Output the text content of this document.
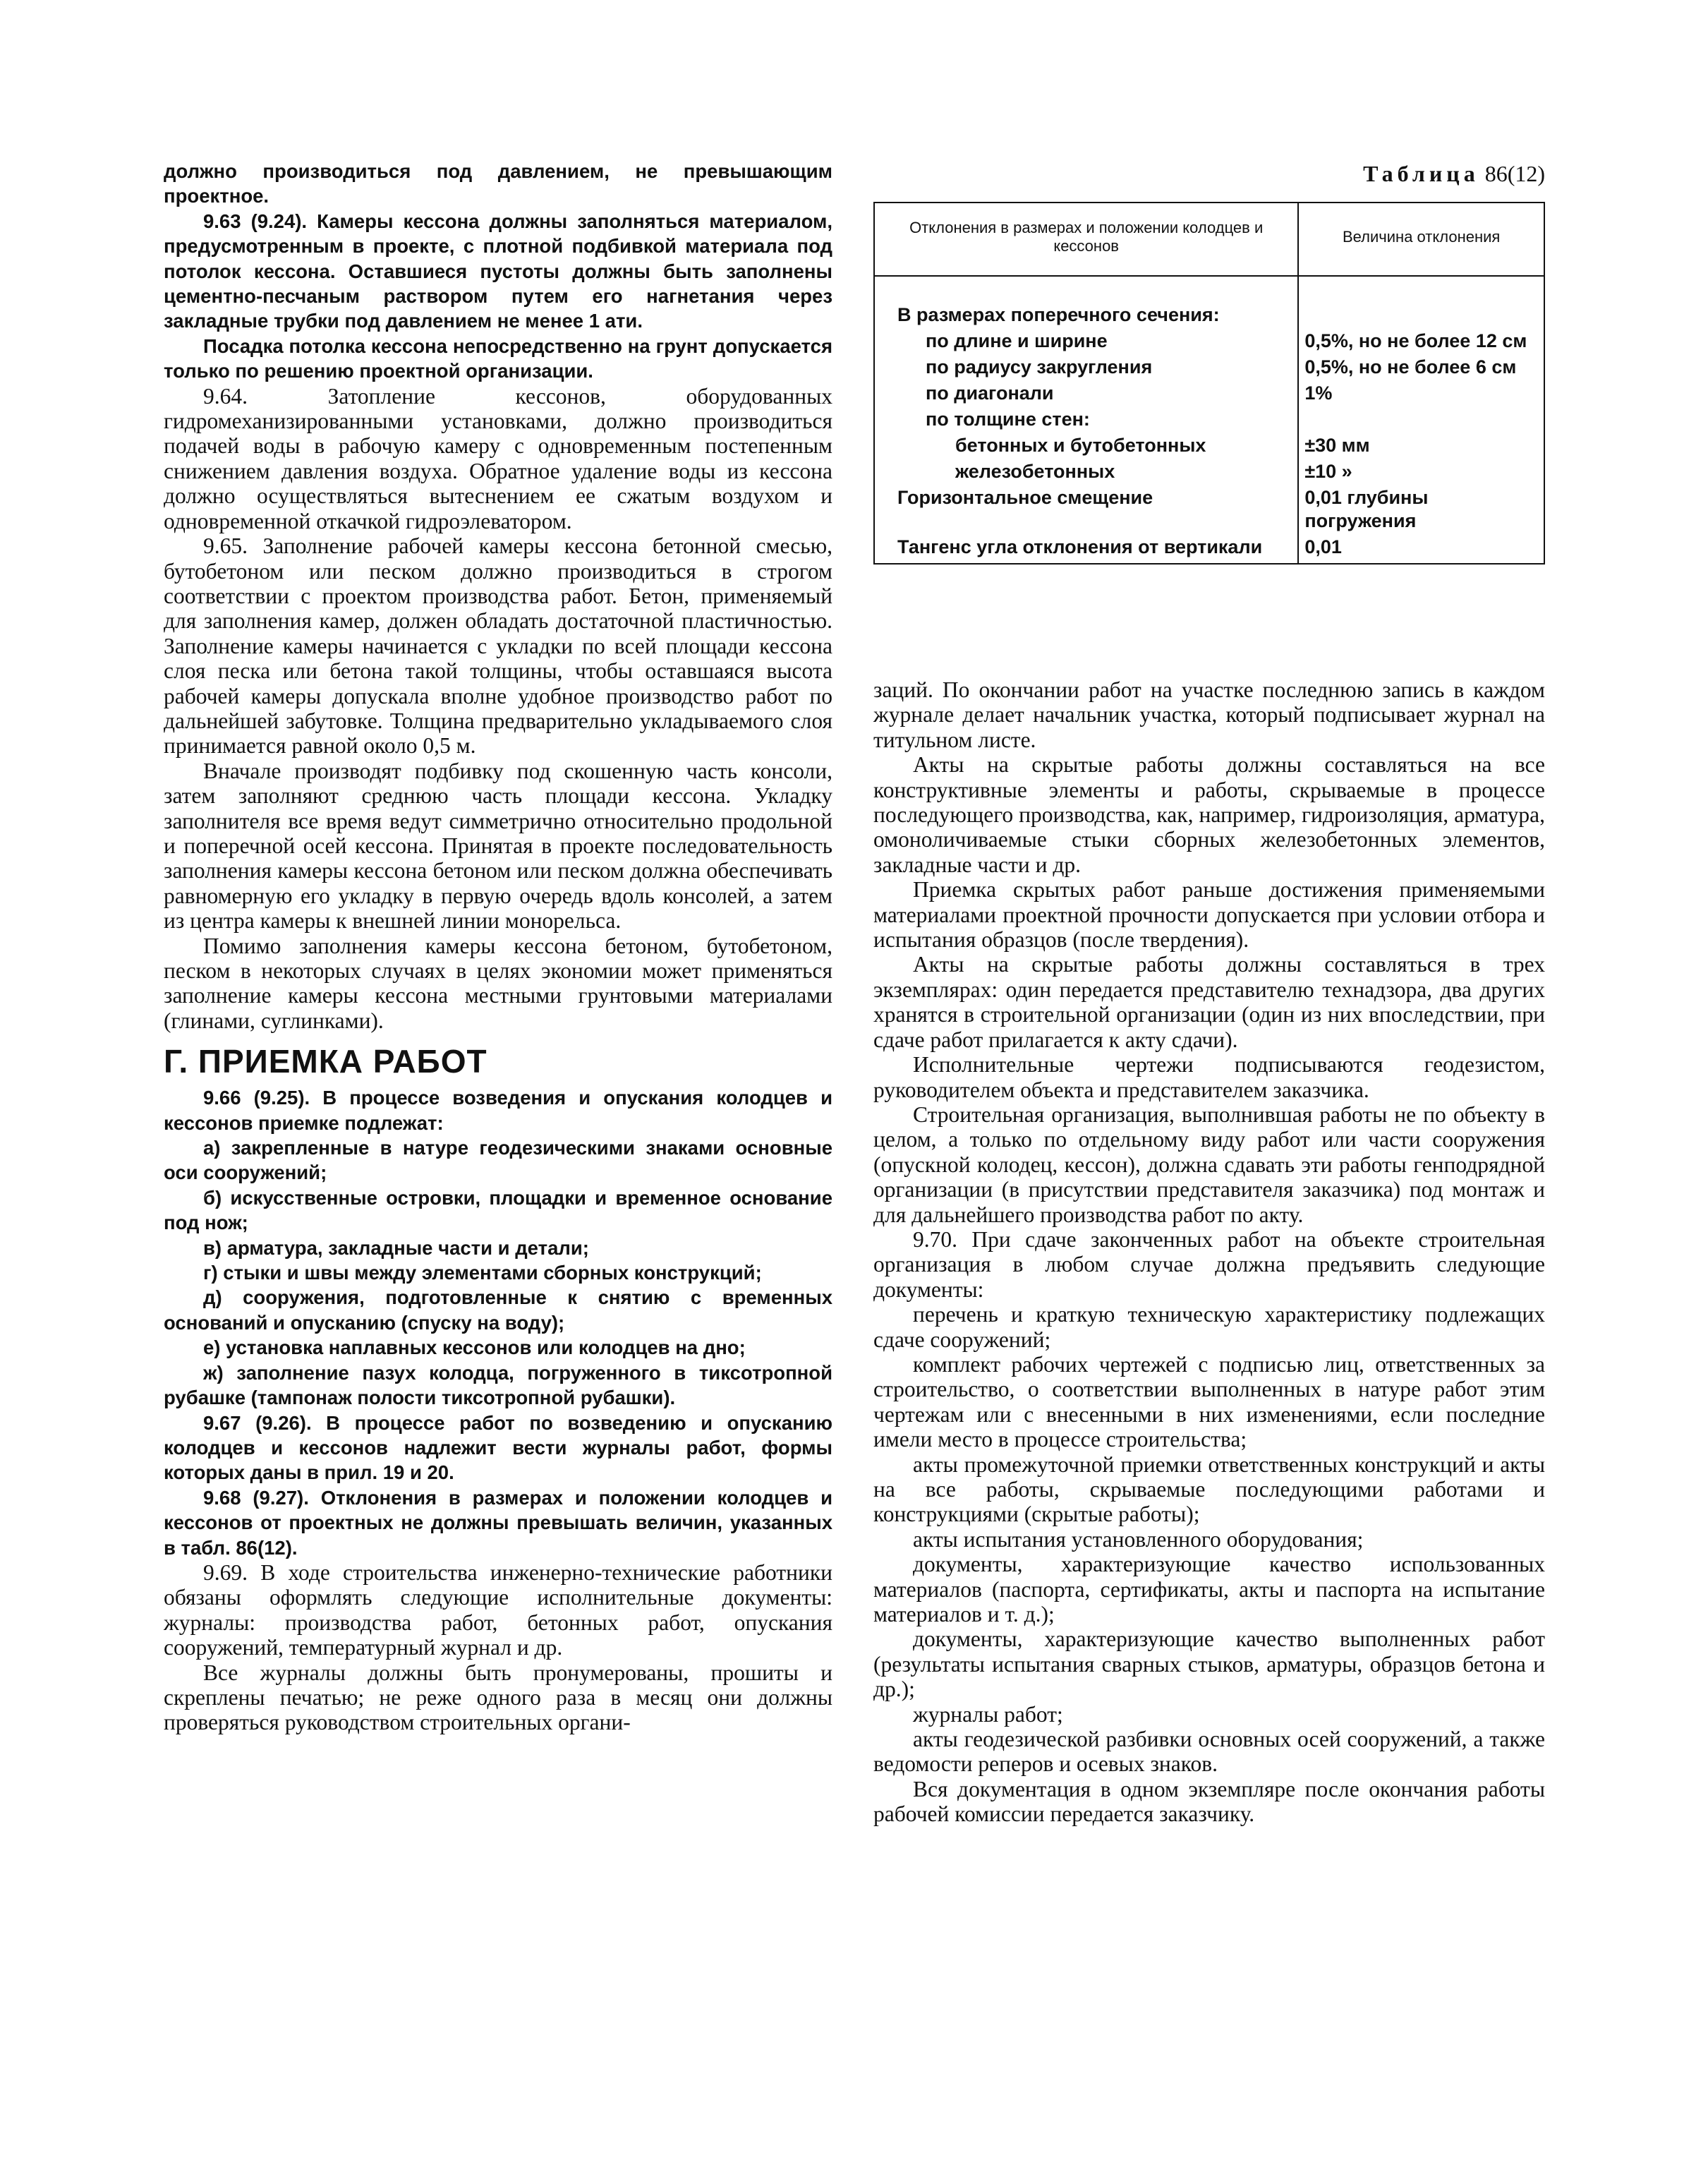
должно производиться под давлением, не превышающим проектное.

9.63 (9.24). Камеры кессона должны заполняться материалом, предусмотренным в проекте, с плотной подбивкой материала под потолок кессона. Оставшиеся пустоты должны быть заполнены цементно-песчаным раствором путем его нагнетания через закладные трубки под давлением не менее 1 ати.

Посадка потолка кессона непосредственно на грунт допускается только по решению проектной организации.

9.64. Затопление кессонов, оборудованных гидромеханизированными установками, должно производиться подачей воды в рабочую камеру с одновременным постепенным снижением давления воздуха. Обратное удаление воды из кессона должно осуществляться вытеснением ее сжатым воздухом и одновременной откачкой гидроэлеватором.

9.65. Заполнение рабочей камеры кессона бетонной смесью, бутобетоном или песком должно производиться в строгом соответствии с проектом производства работ. Бетон, применяемый для заполнения камер, должен обладать достаточной пластичностью. Заполнение камеры начинается с укладки по всей площади кессона слоя песка или бетона такой толщины, чтобы оставшаяся высота рабочей камеры допускала вполне удобное производство работ по дальнейшей забутовке. Толщина предварительно укладываемого слоя принимается равной около 0,5 м.

Вначале производят подбивку под скошенную часть консоли, затем заполняют среднюю часть площади кессона. Укладку заполнителя все время ведут симметрично относительно продольной и поперечной осей кессона. Принятая в проекте последовательность заполнения камеры кессона бетоном или песком должна обеспечивать равномерную его укладку в первую очередь вдоль консолей, а затем из центра камеры к внешней линии монорельса.

Помимо заполнения камеры кессона бетоном, бутобетоном, песком в некоторых случаях в целях экономии может применяться заполнение камеры кессона местными грунтовыми материалами (глинами, суглинками).

Г. ПРИЕМКА РАБОТ

9.66 (9.25). В процессе возведения и опускания колодцев и кессонов приемке подлежат:

а) закрепленные в натуре геодезическими знаками основные оси сооружений;

б) искусственные островки, площадки и временное основание под нож;

в) арматура, закладные части и детали;

г) стыки и швы между элементами сборных конструкций;

д) сооружения, подготовленные к снятию с временных оснований и опусканию (спуску на воду);

е) установка наплавных кессонов или колодцев на дно;

ж) заполнение пазух колодца, погруженного в тиксотропной рубашке (тампонаж полости тиксотропной рубашки).

9.67 (9.26). В процессе работ по возведению и опусканию колодцев и кессонов надлежит вести журналы работ, формы которых даны в прил. 19 и 20.

9.68 (9.27). Отклонения в размерах и положении колодцев и кессонов от проектных не должны превышать величин, указанных в табл. 86(12).

9.69. В ходе строительства инженерно-технические работники обязаны оформлять следующие исполнительные документы: журналы: производства работ, бетонных работ, опускания сооружений, температурный журнал и др.

Все журналы должны быть пронумерованы, прошиты и скреплены печатью; не реже одного раза в месяц они должны проверяться руководством строительных органи-

Таблица 86(12)
Отклонения в размерах и положении колодцев и кессонов	Величина отклонения

В размерах поперечного сечения:	

по длине и ширине	0,5%, но не более 12 см

по радиусу закругления	0,5%, но не более 6 см

по диагонали	1%

по толщине стен:	

бетонных и бутобетонных	±30 мм

железобетонных	±10 »

Горизонтальное смещение	0,01 глубины погружения

Тангенс угла отклонения от вертикали	0,01

заций. По окончании работ на участке последнюю запись в каждом журнале делает начальник участка, который подписывает журнал на титульном листе.

Акты на скрытые работы должны составляться на все конструктивные элементы и работы, скрываемые в процессе последующего производства, как, например, гидроизоляция, арматура, омоноличиваемые стыки сборных железобетонных элементов, закладные части и др.

Приемка скрытых работ раньше достижения применяемыми материалами проектной прочности допускается при условии отбора и испытания образцов (после твердения).

Акты на скрытые работы должны составляться в трех экземплярах: один передается представителю технадзора, два других хранятся в строительной организации (один из них впоследствии, при сдаче работ прилагается к акту сдачи).

Исполнительные чертежи подписываются геодезистом, руководителем объекта и представителем заказчика.

Строительная организация, выполнившая работы не по объекту в целом, а только по отдельному виду работ или части сооружения (опускной колодец, кессон), должна сдавать эти работы генподрядной организации (в присутствии представителя заказчика) под монтаж и для дальнейшего производства работ по акту.

9.70. При сдаче законченных работ на объекте строительная организация в любом случае должна предъявить следующие документы:

перечень и краткую техническую характеристику подлежащих сдаче сооружений;

комплект рабочих чертежей с подписью лиц, ответственных за строительство, о соответствии выполненных в натуре работ этим чертежам или с внесенными в них изменениями, если последние имели место в процессе строительства;

акты промежуточной приемки ответственных конструкций и акты на все работы, скрываемые последующими работами и конструкциями (скрытые работы);

акты испытания установленного оборудования;

документы, характеризующие качество использованных материалов (паспорта, сертификаты, акты и паспорта на испытание материалов и т. д.);

документы, характеризующие качество выполненных работ (результаты испытания сварных стыков, арматуры, образцов бетона и др.);

журналы работ;

акты геодезической разбивки основных осей сооружений, а также ведомости реперов и осевых знаков.

Вся документация в одном экземпляре после окончания работы рабочей комиссии передается заказчику.
